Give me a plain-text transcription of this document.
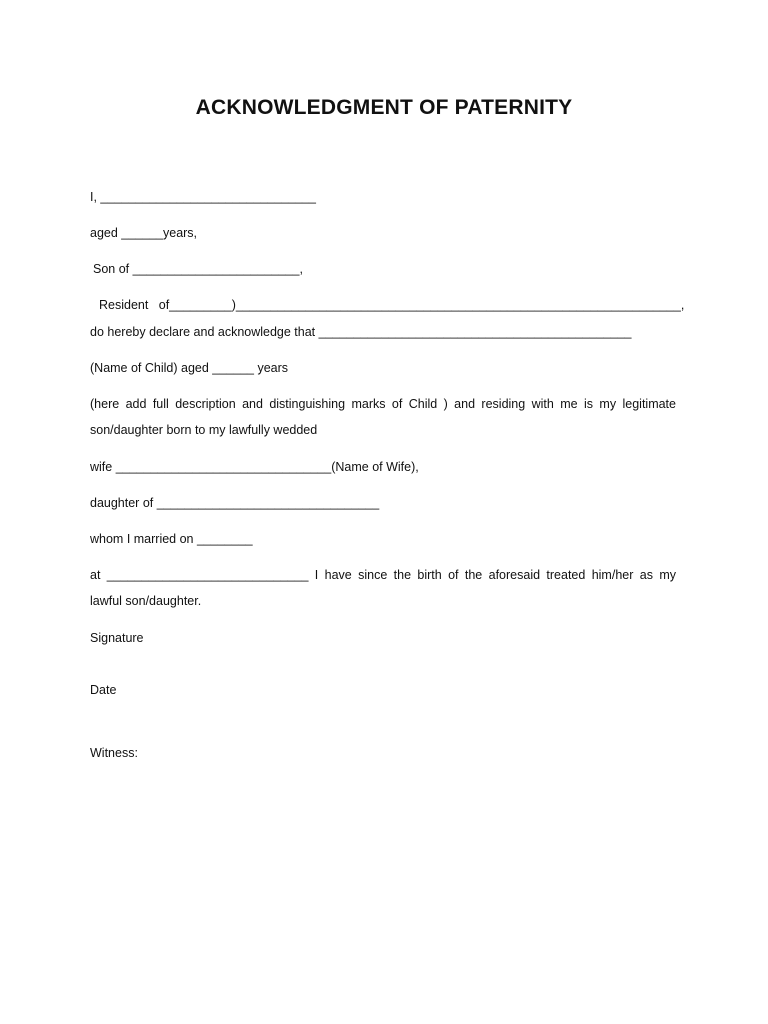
ACKNOWLEDGMENT OF PATERNITY
I, _______________________________
aged ______years,
Son of ________________________,
Resident   of_________)________________________________________________________________,
do hereby declare and acknowledge that _____________________________________________
(Name of Child) aged ______ years
(here add full description and distinguishing marks of Child ) and residing with me is my legitimate
son/daughter born to my lawfully wedded
wife _______________________________(Name of Wife),
daughter of ________________________________
whom I married on ________
at _____________________________ I have since the birth of the aforesaid treated him/her as my
lawful son/daughter.
Signature
Date
Witness:
